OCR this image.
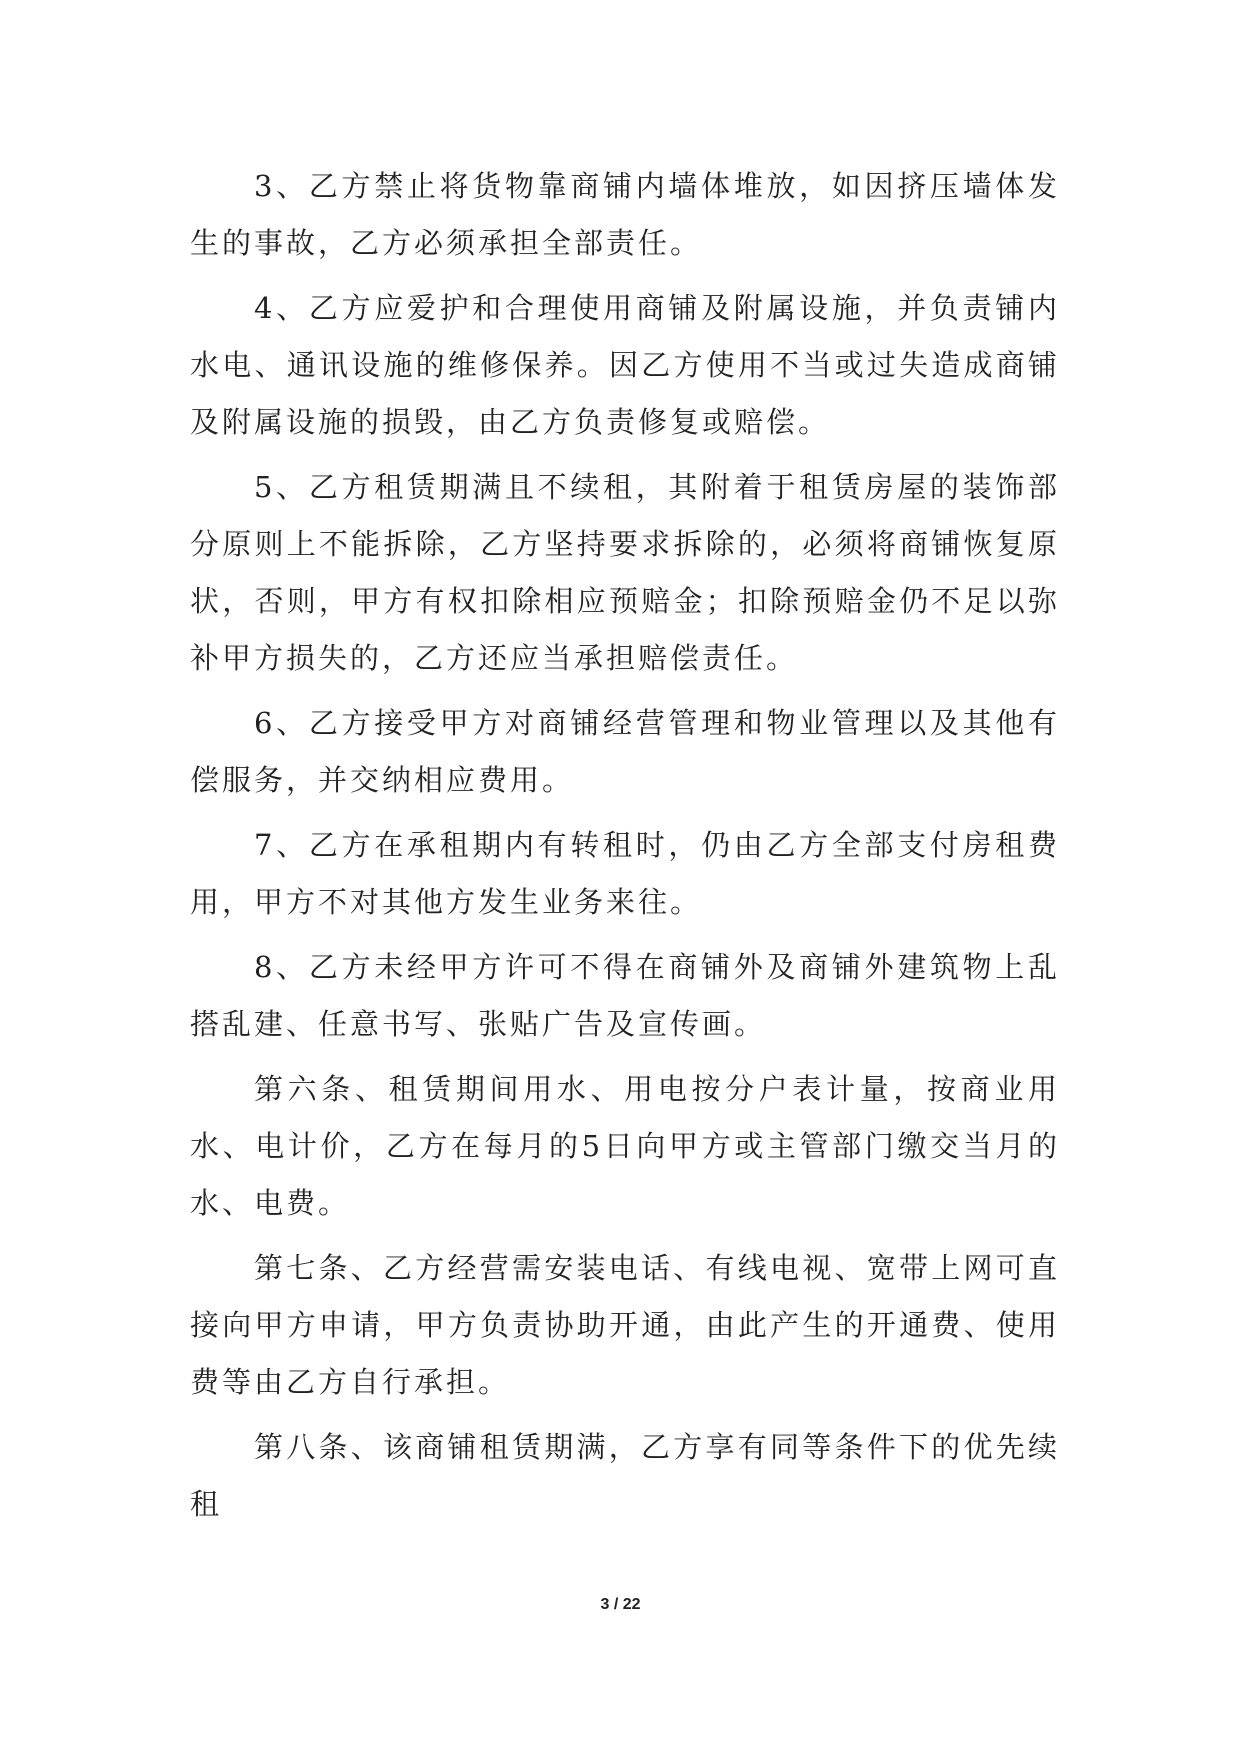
3、乙方禁止将货物靠商铺内墙体堆放，如因挤压墙体发生的事故，乙方必须承担全部责任。

4、乙方应爱护和合理使用商铺及附属设施，并负责铺内水电、通讯设施的维修保养。因乙方使用不当或过失造成商铺及附属设施的损毁，由乙方负责修复或赔偿。

5、乙方租赁期满且不续租，其附着于租赁房屋的装饰部分原则上不能拆除，乙方坚持要求拆除的，必须将商铺恢复原状，否则，甲方有权扣除相应预赔金；扣除预赔金仍不足以弥补甲方损失的，乙方还应当承担赔偿责任。

6、乙方接受甲方对商铺经营管理和物业管理以及其他有偿服务，并交纳相应费用。

7、乙方在承租期内有转租时，仍由乙方全部支付房租费用，甲方不对其他方发生业务来往。

8、乙方未经甲方许可不得在商铺外及商铺外建筑物上乱搭乱建、任意书写、张贴广告及宣传画。

第六条、租赁期间用水、用电按分户表计量，按商业用水、电计价，乙方在每月的5日向甲方或主管部门缴交当月的水、电费。

第七条、乙方经营需安装电话、有线电视、宽带上网可直接向甲方申请，甲方负责协助开通，由此产生的开通费、使用费等由乙方自行承担。

第八条、该商铺租赁期满，乙方享有同等条件下的优先续租

3 / 22
